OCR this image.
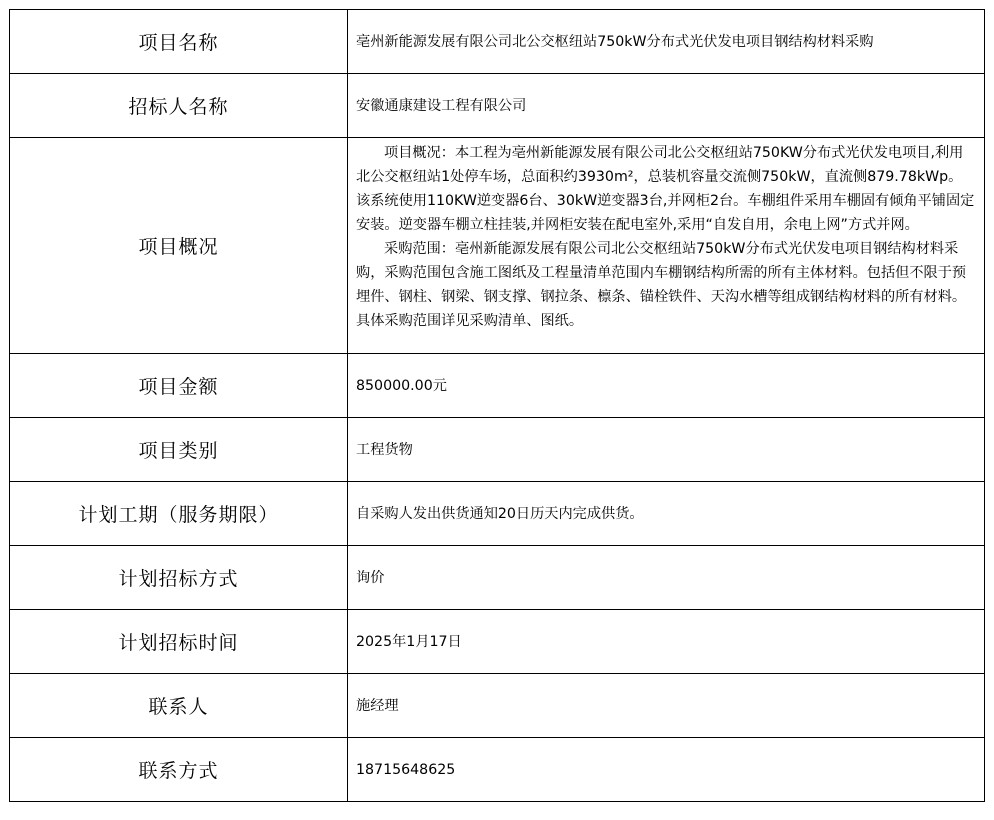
项目名称	亳州新能源发展有限公司北公交枢纽站750kW分布式光伏发电项目钢结构材料采购
招标人名称	安徽通康建设工程有限公司
项目概况	项目概况：本工程为亳州新能源发展有限公司北公交枢纽站750KW分布式光伏发电项目,利用北公交枢纽站1处停车场，总面积约3930m²，总装机容量交流侧750kW，直流侧879.78kWp。该系统使用110KW逆变器6台、30kW逆变器3台,并网柜2台。车棚组件采用车棚固有倾角平铺固定安装。逆变器车棚立柱挂装,并网柜安装在配电室外,采用“自发自用，余电上网”方式并网。

采购范围：亳州新能源发展有限公司北公交枢纽站750kW分布式光伏发电项目钢结构材料采购，采购范围包含施工图纸及工程量清单范围内车棚钢结构所需的所有主体材料。包括但不限于预埋件、钢柱、钢梁、钢支撑、钢拉条、檩条、锚栓铁件、天沟水槽等组成钢结构材料的所有材料。具体采购范围详见采购清单、图纸。

项目金额	850000.00元
项目类别	工程货物
计划工期（服务期限）	自采购人发出供货通知20日历天内完成供货。
计划招标方式	询价
计划招标时间	2025年1月17日
联系人	施经理
联系方式	18715648625
